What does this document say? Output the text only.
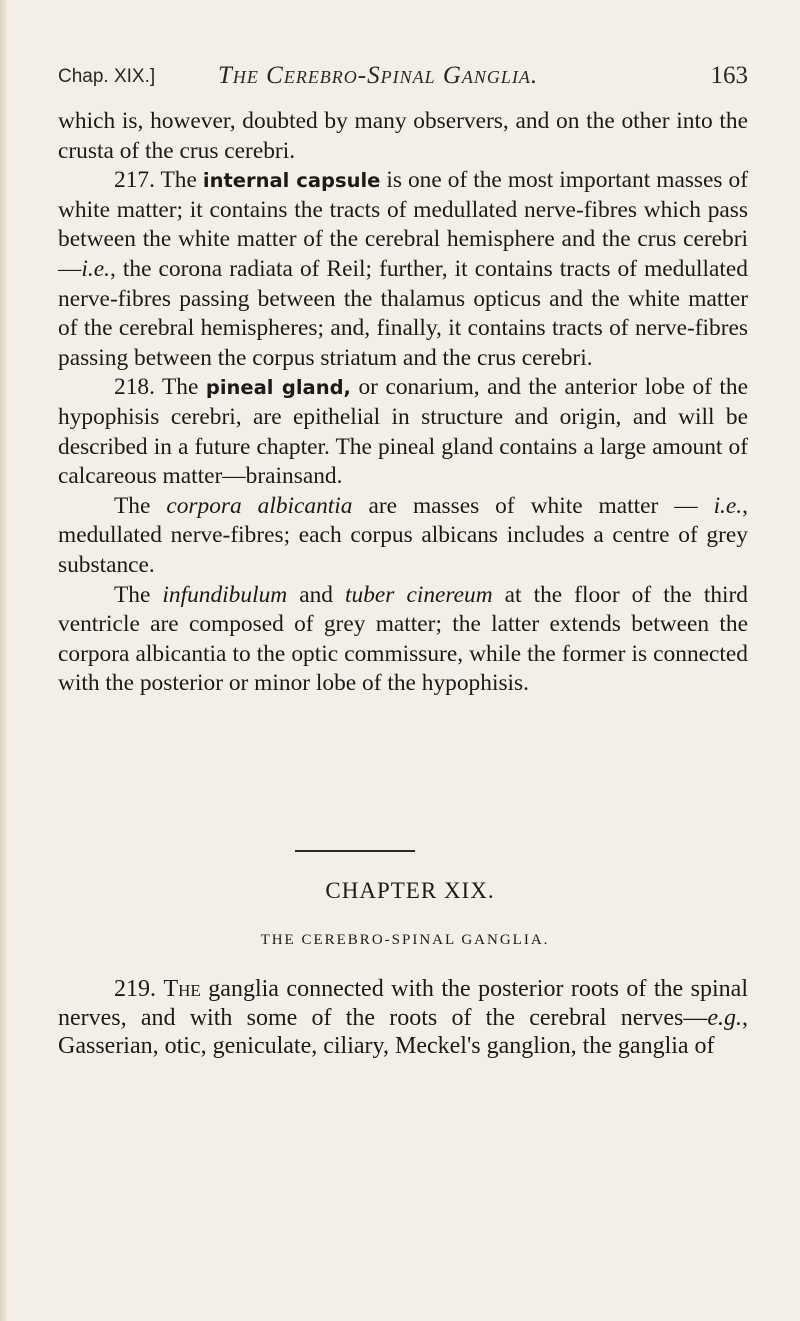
Chap. XIX.]	The Cerebro-Spinal Ganglia.	163

which is, however, doubted by many observers, and on the other into the crusta of the crus cerebri.

217. The internal capsule is one of the most important masses of white matter; it contains the tracts of medullated nerve-fibres which pass between the white matter of the cerebral hemisphere and the crus cerebri—i.e., the corona radiata of Reil; further, it contains tracts of medullated nerve-fibres passing between the thalamus opticus and the white matter of the cerebral hemispheres; and, finally, it contains tracts of nerve-fibres passing between the corpus striatum and the crus cerebri.

218. The pineal gland, or conarium, and the anterior lobe of the hypophisis cerebri, are epithelial in structure and origin, and will be described in a future chapter. The pineal gland contains a large amount of calcareous matter—brainsand.

The corpora albicantia are masses of white matter — i.e., medullated nerve-fibres; each corpus albicans includes a centre of grey substance.

The infundibulum and tuber cinereum at the floor of the third ventricle are composed of grey matter; the latter extends between the corpora albicantia to the optic commissure, while the former is connected with the posterior or minor lobe of the hypophisis.

CHAPTER XIX.
THE CEREBRO-SPINAL GANGLIA.

219. The ganglia connected with the posterior roots of the spinal nerves, and with some of the roots of the cerebral nerves—e.g., Gasserian, otic, geniculate, ciliary, Meckel's ganglion, the ganglia of
